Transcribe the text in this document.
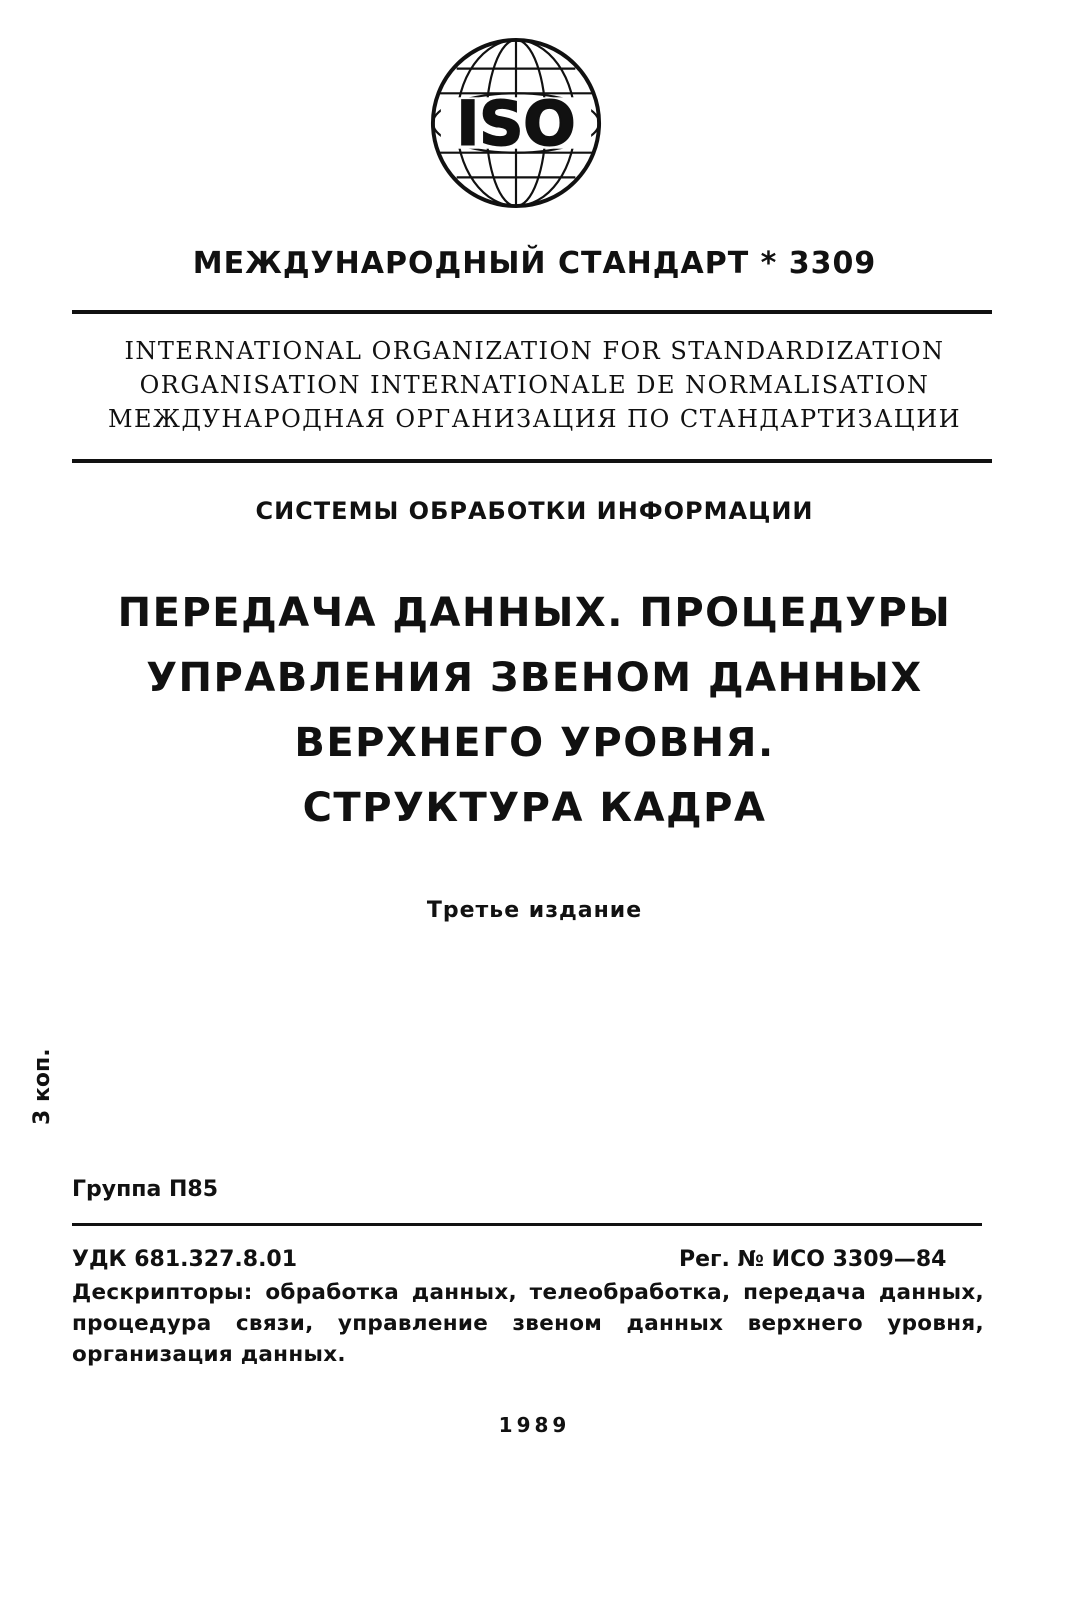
ISO
МЕЖДУНАРОДНЫЙ СТАНДАРТ * 3309
INTERNATIONAL ORGANIZATION FOR STANDARDIZATION
ORGANISATION INTERNATIONALE DE NORMALISATION
МЕЖДУНАРОДНАЯ ОРГАНИЗАЦИЯ ПО СТАНДАРТИЗАЦИИ
СИСТЕМЫ ОБРАБОТКИ ИНФОРМАЦИИ
ПЕРЕДАЧА ДАННЫХ. ПРОЦЕДУРЫ
УПРАВЛЕНИЯ ЗВЕНОМ ДАННЫХ
ВЕРХНЕГО УРОВНЯ.
СТРУКТУРА КАДРА
Третье издание
3 коп.
Группа П85
УДК 681.327.8.01	Рег. № ИСО 3309—84
Дескрипторы: обработка данных, телеобработка, передача данных, процедура связи, управление звеном данных верхнего уровня, организация данных.
1989
